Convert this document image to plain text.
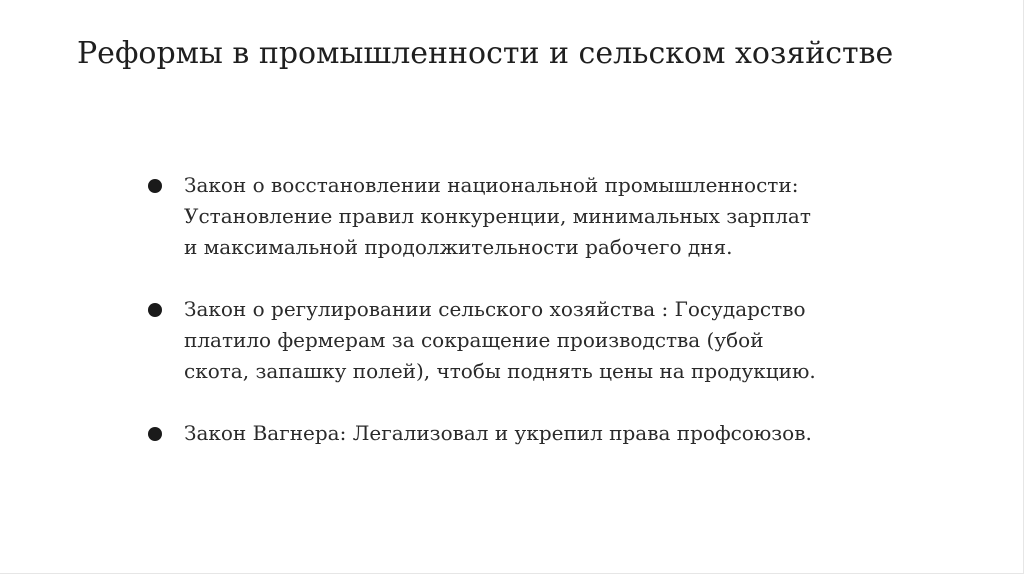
Реформы в промышленности и сельском хозяйстве
Закон о восстановлении национальной промышленности:
Установление правил конкуренции, минимальных зарплат
и максимальной продолжительности рабочего дня.
Закон о регулировании сельского хозяйства : Государство
платило фермерам за сокращение производства (убой
скота, запашку полей), чтобы поднять цены на продукцию.
Закон Вагнера: Легализовал и укрепил права профсоюзов.
